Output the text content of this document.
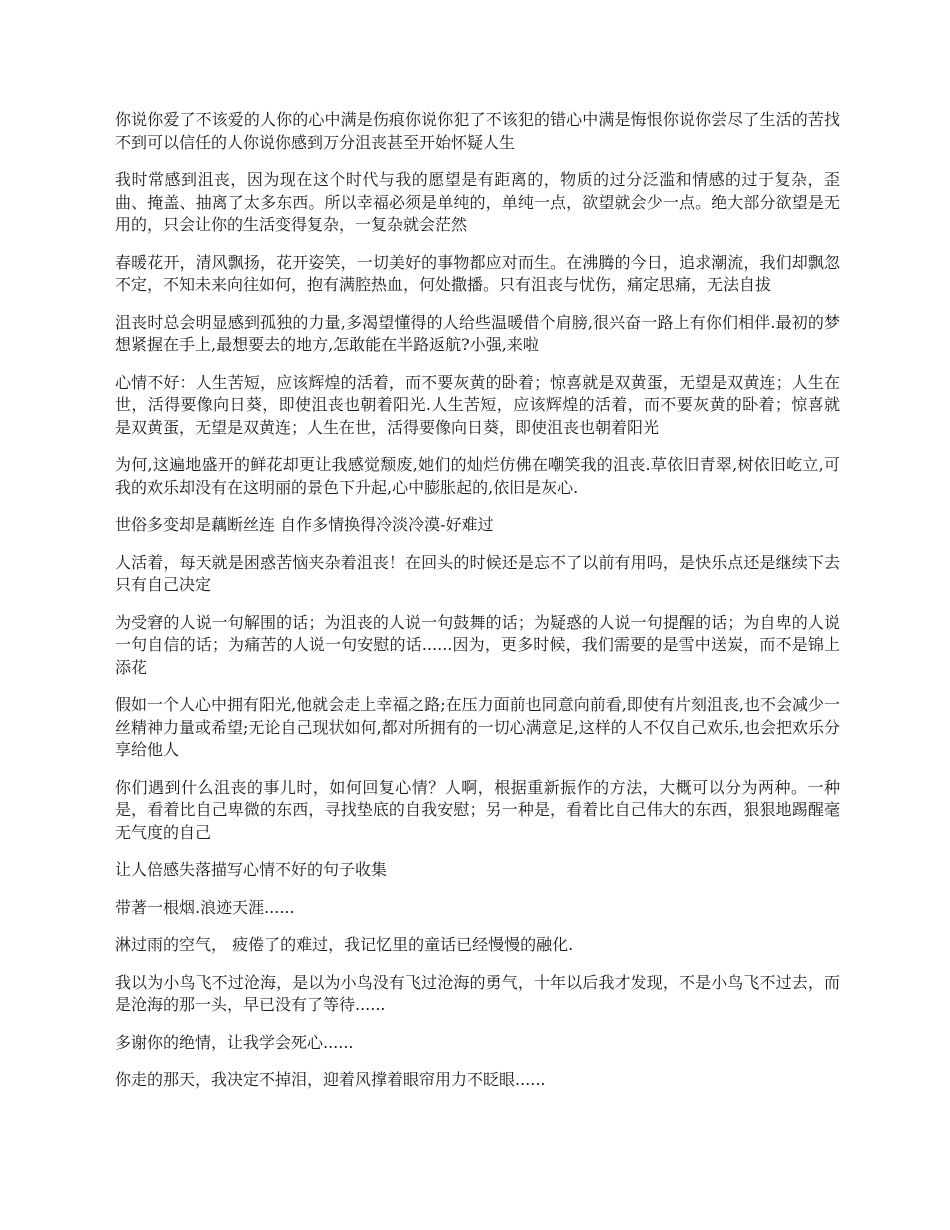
你说你爱了不该爱的人你的心中满是伤痕你说你犯了不该犯的错心中满是悔恨你说你尝尽了生活的苦找不到可以信任的人你说你感到万分沮丧甚至开始怀疑人生

我时常感到沮丧，因为现在这个时代与我的愿望是有距离的，物质的过分泛滥和情感的过于复杂，歪曲、掩盖、抽离了太多东西。所以幸福必须是单纯的，单纯一点，欲望就会少一点。绝大部分欲望是无用的，只会让你的生活变得复杂，一复杂就会茫然

春暖花开，清风飘扬，花开姿笑，一切美好的事物都应对而生。在沸腾的今日，追求潮流，我们却飘忽不定，不知未来向往如何，抱有满腔热血，何处撒播。只有沮丧与忧伤，痛定思痛，无法自拔

沮丧时总会明显感到孤独的力量,多渴望懂得的人给些温暖借个肩膀,很兴奋一路上有你们相伴.最初的梦想紧握在手上,最想要去的地方,怎敢能在半路返航?小强,来啦

心情不好：人生苦短，应该辉煌的活着，而不要灰黄的卧着；惊喜就是双黄蛋，无望是双黄连；人生在世，活得要像向日葵，即使沮丧也朝着阳光.人生苦短，应该辉煌的活着，而不要灰黄的卧着；惊喜就是双黄蛋，无望是双黄连；人生在世，活得要像向日葵，即使沮丧也朝着阳光

为何,这遍地盛开的鲜花却更让我感觉颓废,她们的灿烂仿佛在嘲笑我的沮丧.草依旧青翠,树依旧屹立,可我的欢乐却没有在这明丽的景色下升起,心中膨胀起的,依旧是灰心.

世俗多变却是藕断丝连 自作多情换得冷淡冷漠-好难过

人活着，每天就是困惑苦恼夹杂着沮丧！在回头的时候还是忘不了以前有用吗，是快乐点还是继续下去只有自己决定

为受窘的人说一句解围的话；为沮丧的人说一句鼓舞的话；为疑惑的人说一句提醒的话；为自卑的人说一句自信的话；为痛苦的人说一句安慰的话......因为，更多时候，我们需要的是雪中送炭，而不是锦上添花

假如一个人心中拥有阳光,他就会走上幸福之路;在压力面前也同意向前看,即使有片刻沮丧,也不会减少一丝精神力量或希望;无论自己现状如何,都对所拥有的一切心满意足,这样的人不仅自己欢乐,也会把欢乐分享给他人

你们遇到什么沮丧的事儿时，如何回复心情？人啊，根据重新振作的方法，大概可以分为两种。一种是，看着比自己卑微的东西，寻找垫底的自我安慰；另一种是，看着比自己伟大的东西，狠狠地踢醒毫无气度的自己

让人倍感失落描写心情不好的句子收集

带著一根烟.浪迹天涯......

淋过雨的空气， 疲倦了的难过，我记忆里的童话已经慢慢的融化.

我以为小鸟飞不过沧海，是以为小鸟没有飞过沧海的勇气，十年以后我才发现，不是小鸟飞不过去，而是沧海的那一头，早已没有了等待......

多谢你的绝情，让我学会死心......

你走的那天，我决定不掉泪，迎着风撑着眼帘用力不眨眼......
